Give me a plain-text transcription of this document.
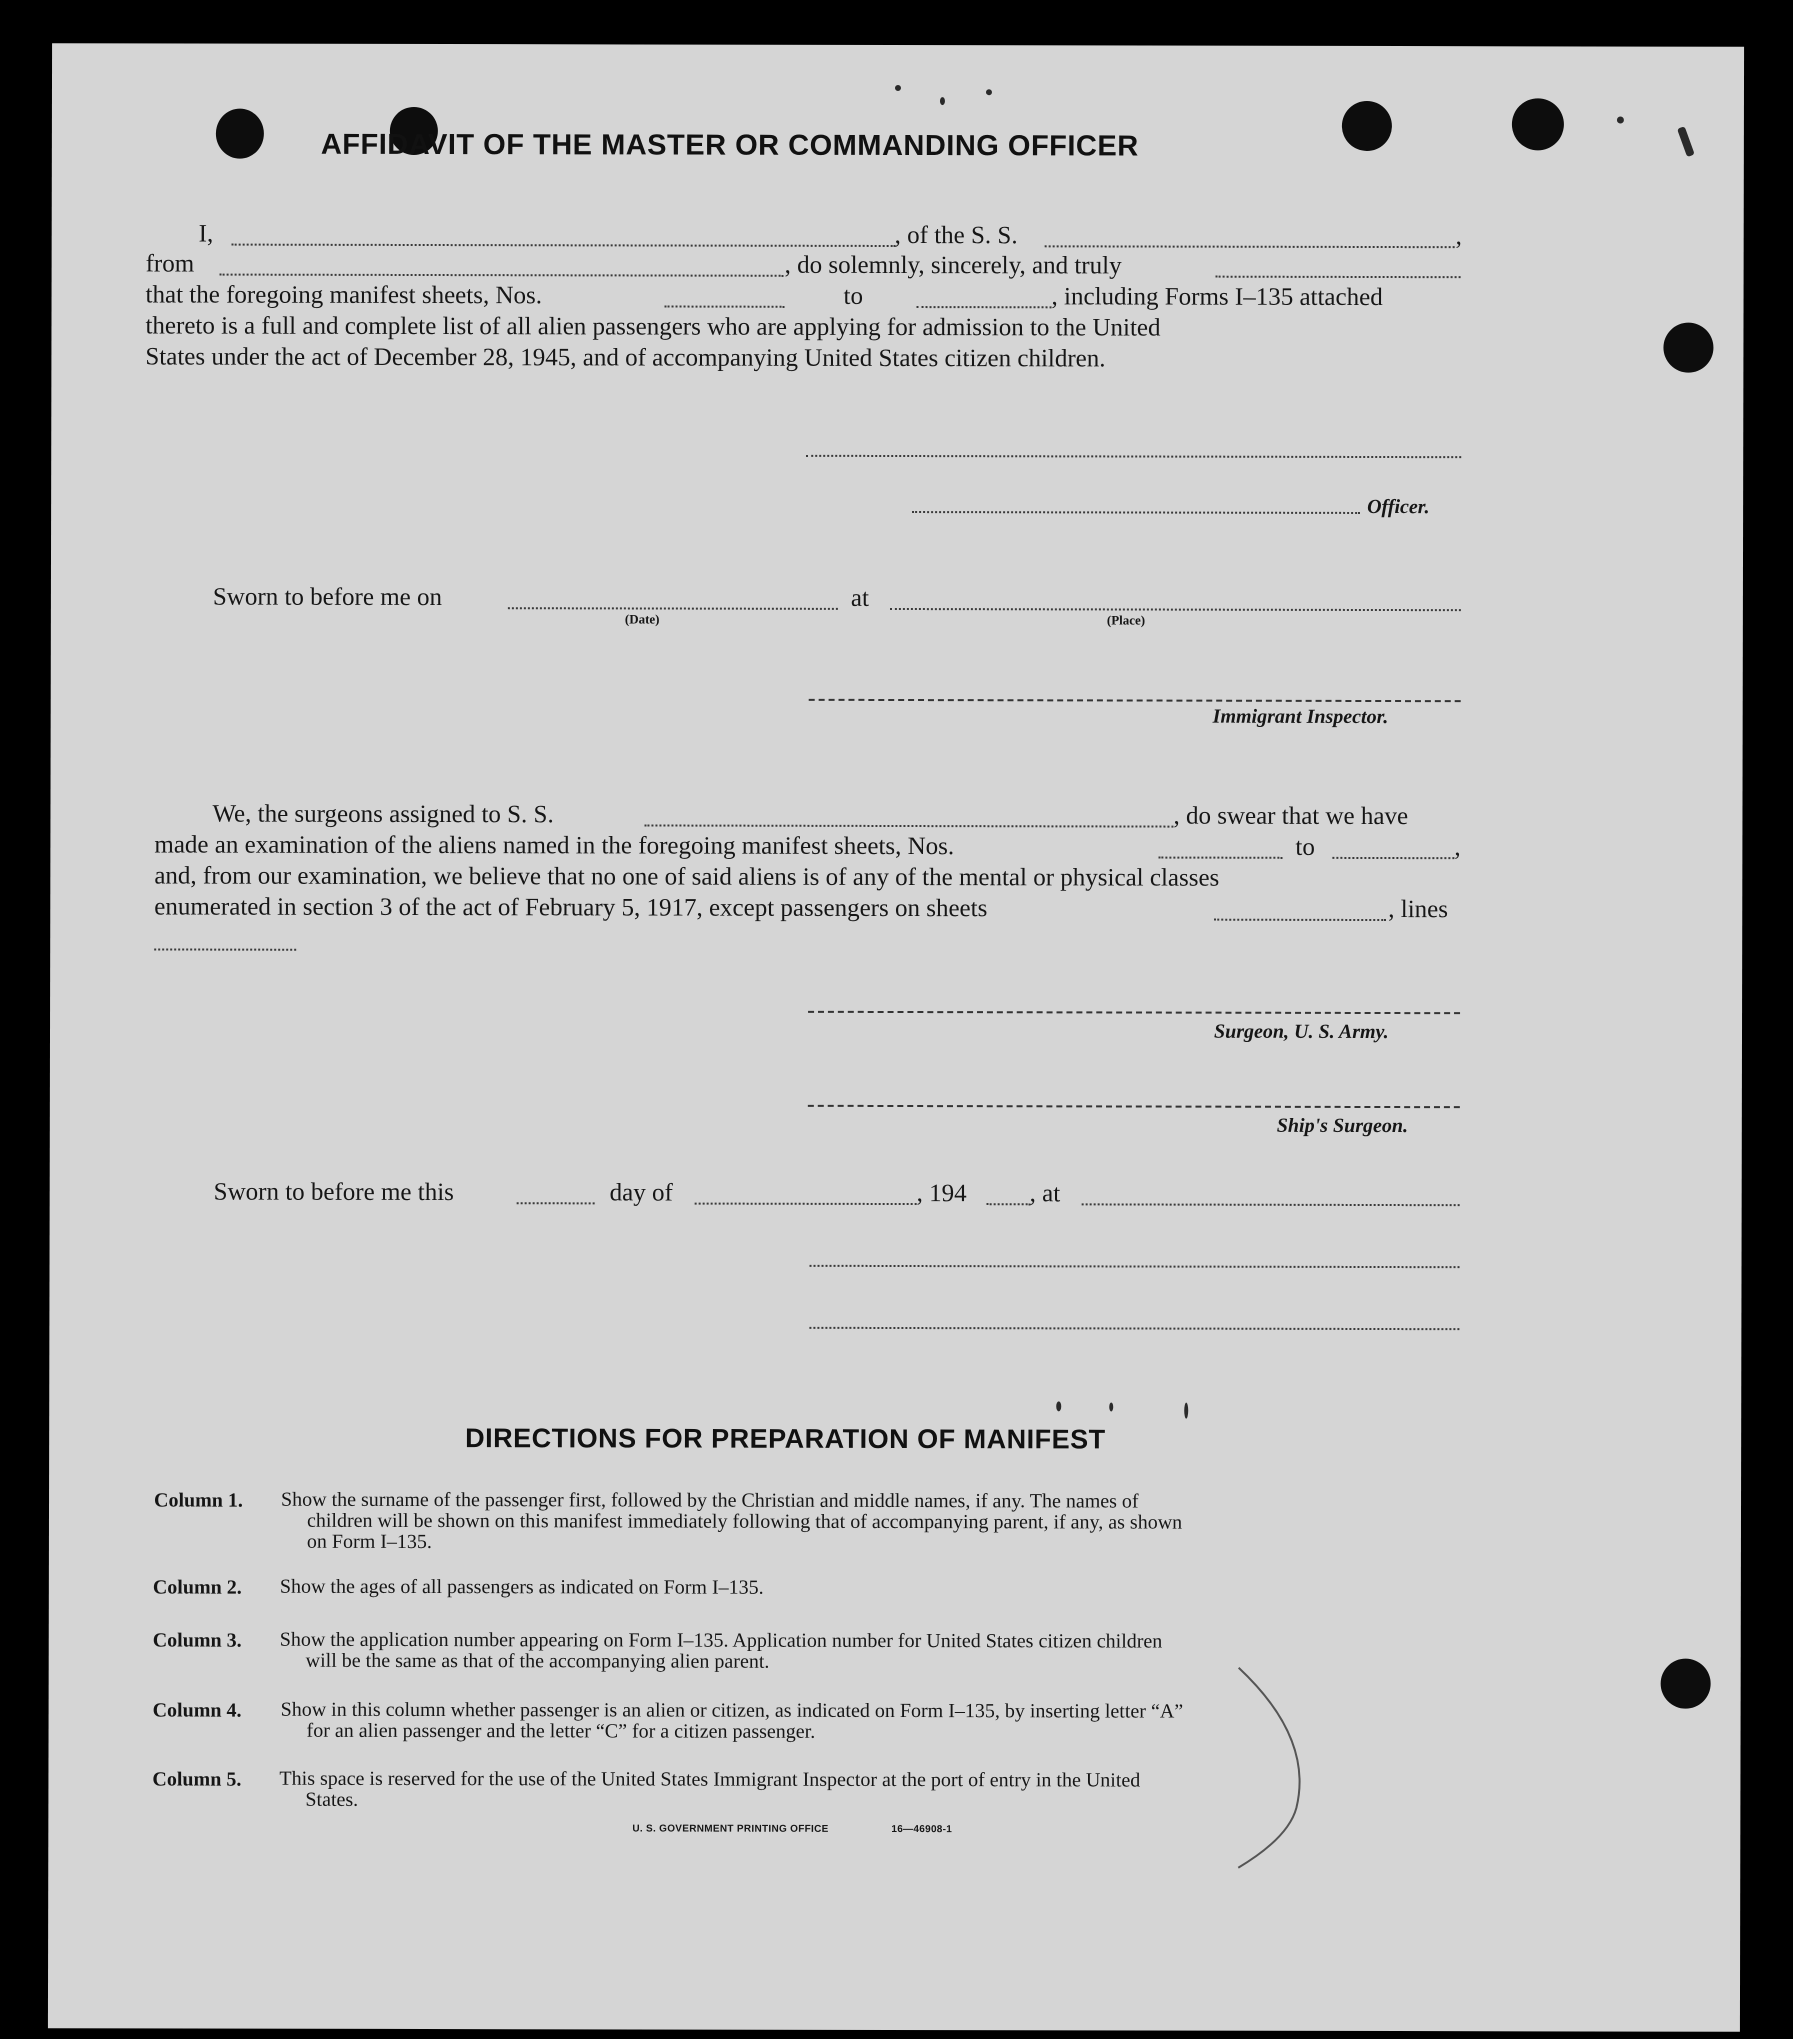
AFFIDAVIT OF THE MASTER OR COMMANDING OFFICER
I,	, of the S. S.	,
from	, do solemnly, sincerely, and truly
that the foregoing manifest sheets, Nos.	to	, including Forms I–135 attached
thereto is a full and complete list of all alien passengers who are applying for admission to the United
States under the act of December 28, 1945, and of accompanying United States citizen children.
Officer.
Sworn to before me on
(Date)
at
(Place)
Immigrant Inspector.
We, the surgeons assigned to S. S.	, do swear that we have
made an examination of the aliens named in the foregoing manifest sheets, Nos.	to	,
and, from our examination, we believe that no one of said aliens is of any of the mental or physical classes
enumerated in section 3 of the act of February 5, 1917, except passengers on sheets	, lines
Surgeon, U. S. Army.
Ship's Surgeon.
Sworn to before me this	day of	, 194	, at
DIRECTIONS FOR PREPARATION OF MANIFEST
Column 1. Show the surname of the passenger first, followed by the Christian and middle names, if any. The names of
children will be shown on this manifest immediately following that of accompanying parent, if any, as shown
on Form I–135.
Column 2. Show the ages of all passengers as indicated on Form I–135.
Column 3. Show the application number appearing on Form I–135. Application number for United States citizen children
will be the same as that of the accompanying alien parent.
Column 4. Show in this column whether passenger is an alien or citizen, as indicated on Form I–135, by inserting letter “A”
for an alien passenger and the letter “C” for a citizen passenger.
Column 5. This space is reserved for the use of the United States Immigrant Inspector at the port of entry in the United
States.
U. S. GOVERNMENT PRINTING OFFICE	16—46908-1
